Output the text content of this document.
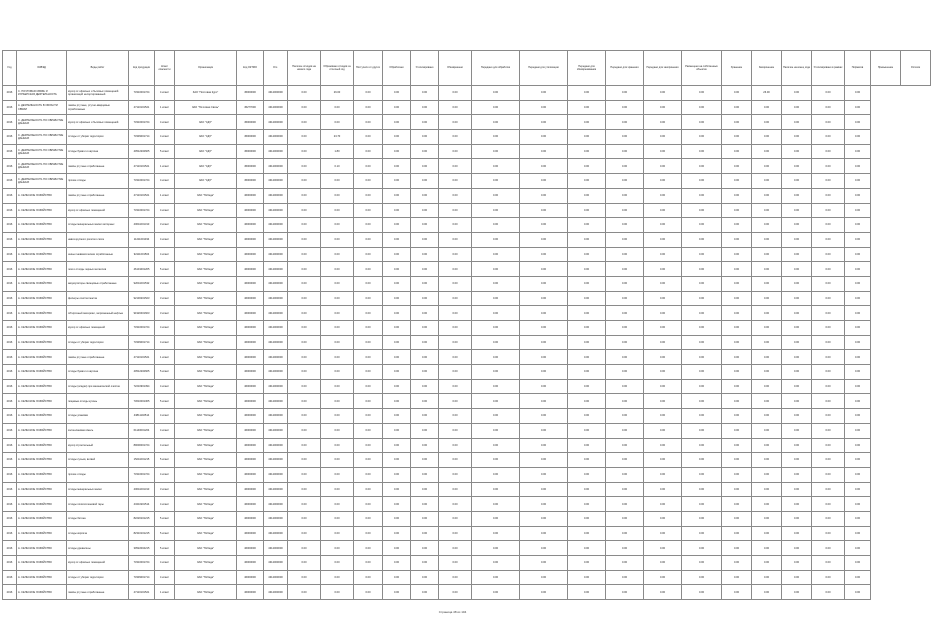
Год	ОКВЭД	Виды работ	Код продукции	Класс опасности	Организация	Код ОКТМО	Отх.	Наличие отходов на начало года	Образовано отходов за отчетный год	Поступило от других	Обработано	Утилизировано	Обезврежено	Передано для обработки	Передано для утилизации	Передано для обезвреживания	Передано для хранения	Передано для захоронения	Размещено на собственных объектах	Хранение	Захоронение	Наличие на конец года	Утилизировано в рамках	Норматив	Превышение	Остаток
2016	С. ПОЧТОВАЯ СВЯЗЬ И КУРЬЕРСКАЯ ДЕЯТЕЛЬНОСТЬ	мусор от офисных и бытовых помещений организаций несортированный	73310001724	4 класс	ЗАО "Почтовая Курс"	45000000	4312000000	0.00	26.00	0.00	0.00	0.00	0.00	0.00	0.00	0.00	0.00	0.00	0.00	0.00	26.00	0.00	0.00	0.00		
2016	А. ДЕЯТЕЛЬНОСТЬ В ОБЛАСТИ СВЯЗИ	лампы ртутные, ртутно-кварцевые отработанные	47110101521	1 класс	ЗАО "Почтовая Связь"	45277000	4312000000	0.00	0.00	0.00	0.00	0.00	0.00	0.00	0.00	0.00	0.00	0.00	0.00	0.00	0.00	0.00	0.00	0.00		
2016	С. ДЕЯТЕЛЬНОСТЬ ПО ОБРАБОТКЕ ДАННЫХ	мусор от офисных и бытовых помещений	73310001724	4 класс	ЗАО "СДУ"	45000000	4312000000	0.00	0.00	0.00	0.00	0.00	0.00	0.00	0.00	0.00	0.00	0.00	0.00	0.00	0.00	0.00	0.00	0.00		
2016	С. ДЕЯТЕЛЬНОСТЬ ПО ОБРАБОТКЕ ДАННЫХ	отходы от уборки территории	73339001714	4 класс	ЗАО "СДУ"	45000000	4312000000	0.00	23.70	0.00	0.00	0.00	0.00	0.00	0.00	0.00	0.00	0.00	0.00	0.00	0.00	0.00	0.00	0.00		
2016	С. ДЕЯТЕЛЬНОСТЬ ПО ОБРАБОТКЕ ДАННЫХ	отходы бумаги и картона	40512202605	5 класс	ЗАО "СДУ"	45000000	4312000000	0.00	1.80	0.00	0.00	0.00	0.00	0.00	0.00	0.00	0.00	0.00	0.00	0.00	0.00	0.00	0.00	0.00		
2016	С. ДЕЯТЕЛЬНОСТЬ ПО ОБРАБОТКЕ ДАННЫХ	лампы ртутные отработанные	47110101521	1 класс	ЗАО "СДУ"	45000000	4312000000	0.00	0.10	0.00	0.00	0.00	0.00	0.00	0.00	0.00	0.00	0.00	0.00	0.00	0.00	0.00	0.00	0.00		
2016	С. ДЕЯТЕЛЬНОСТЬ ПО ОБРАБОТКЕ ДАННЫХ	прочие отходы	73310001724	4 класс	ЗАО "СДУ"	45000000	4312000000	0.00	0.00	0.00	0.00	0.00	0.00	0.00	0.00	0.00	0.00	0.00	0.00	0.00	0.00	0.00	0.00	0.00		
2016	А. СЕЛЬСКОЕ ХОЗЯЙСТВО	лампы ртутные отработанные	47110101521	1 класс	ЗАО "Победа"	46000000	4312000000	0.00	0.00	0.00	0.00	0.00	0.00	0.00	0.00	0.00	0.00	0.00	0.00	0.00	0.00	0.00	0.00	0.00		
2016	А. СЕЛЬСКОЕ ХОЗЯЙСТВО	мусор от офисных помещений	73310001724	4 класс	ЗАО "Победа"	46000000	4312000000	0.00	0.00	0.00	0.00	0.00	0.00	0.00	0.00	0.00	0.00	0.00	0.00	0.00	0.00	0.00	0.00	0.00		
2016	А. СЕЛЬСКОЕ ХОЗЯЙСТВО	отходы минеральных масел моторных	40611001313	3 класс	ЗАО "Победа"	46000000	4312000000	0.00	0.00	0.00	0.00	0.00	0.00	0.00	0.00	0.00	0.00	0.00	0.00	0.00	0.00	0.00	0.00	0.00		
2016	А. СЕЛЬСКОЕ ХОЗЯЙСТВО	навоз крупного рогатого скота	11211001334	4 класс	ЗАО "Победа"	46000000	4312000000	0.00	0.00	0.00	0.00	0.00	0.00	0.00	0.00	0.00	0.00	0.00	0.00	0.00	0.00	0.00	0.00	0.00		
2016	А. СЕЛЬСКОЕ ХОЗЯЙСТВО	шины пневматические отработанные	92111001504	4 класс	ЗАО "Победа"	46000000	4312000000	0.00	0.00	0.00	0.00	0.00	0.00	0.00	0.00	0.00	0.00	0.00	0.00	0.00	0.00	0.00	0.00	0.00		
2016	А. СЕЛЬСКОЕ ХОЗЯЙСТВО	лом и отходы черных металлов	46101001205	5 класс	ЗАО "Победа"	46000000	4312000000	0.00	0.00	0.00	0.00	0.00	0.00	0.00	0.00	0.00	0.00	0.00	0.00	0.00	0.00	0.00	0.00	0.00		
2016	А. СЕЛЬСКОЕ ХОЗЯЙСТВО	аккумуляторы свинцовые отработанные	92011001532	2 класс	ЗАО "Победа"	46000000	4312000000	0.00	0.00	0.00	0.00	0.00	0.00	0.00	0.00	0.00	0.00	0.00	0.00	0.00	0.00	0.00	0.00	0.00		
2016	А. СЕЛЬСКОЕ ХОЗЯЙСТВО	фильтры очистки масла	92130201523	3 класс	ЗАО "Победа"	46000000	4312000000	0.00	0.00	0.00	0.00	0.00	0.00	0.00	0.00	0.00	0.00	0.00	0.00	0.00	0.00	0.00	0.00	0.00		
2016	А. СЕЛЬСКОЕ ХОЗЯЙСТВО	обтирочный материал, загрязненный нефтью	91920401603	3 класс	ЗАО "Победа"	46000000	4312000000	0.00	0.00	0.00	0.00	0.00	0.00	0.00	0.00	0.00	0.00	0.00	0.00	0.00	0.00	0.00	0.00	0.00		
2016	А. СЕЛЬСКОЕ ХОЗЯЙСТВО	мусор от офисных помещений	73310001724	4 класс	ЗАО "Победа"	46000000	4312000000	0.00	0.00	0.00	0.00	0.00	0.00	0.00	0.00	0.00	0.00	0.00	0.00	0.00	0.00	0.00	0.00	0.00		
2016	А. СЕЛЬСКОЕ ХОЗЯЙСТВО	отходы от уборки территории	73339001714	4 класс	ЗАО "Победа"	46000000	4312000000	0.00	0.00	0.00	0.00	0.00	0.00	0.00	0.00	0.00	0.00	0.00	0.00	0.00	0.00	0.00	0.00	0.00		
2016	А. СЕЛЬСКОЕ ХОЗЯЙСТВО	лампы ртутные отработанные	47110101521	1 класс	ЗАО "Победа"	46000000	4312000000	0.00	0.00	0.00	0.00	0.00	0.00	0.00	0.00	0.00	0.00	0.00	0.00	0.00	0.00	0.00	0.00	0.00		
2016	А. СЕЛЬСКОЕ ХОЗЯЙСТВО	отходы бумаги и картона	40512202605	5 класс	ЗАО "Победа"	46000000	4312000000	0.00	0.00	0.00	0.00	0.00	0.00	0.00	0.00	0.00	0.00	0.00	0.00	0.00	0.00	0.00	0.00	0.00		
2016	А. СЕЛЬСКОЕ ХОЗЯЙСТВО	отходы (осадки) при механической очистке	72210901394	4 класс	ЗАО "Победа"	46000000	4312000000	0.00	0.00	0.00	0.00	0.00	0.00	0.00	0.00	0.00	0.00	0.00	0.00	0.00	0.00	0.00	0.00	0.00		
2016	А. СЕЛЬСКОЕ ХОЗЯЙСТВО	пищевые отходы кухонь	73610001305	5 класс	ЗАО "Победа"	46000000	4312000000	0.00	0.00	0.00	0.00	0.00	0.00	0.00	0.00	0.00	0.00	0.00	0.00	0.00	0.00	0.00	0.00	0.00		
2016	А. СЕЛЬСКОЕ ХОЗЯЙСТВО	отходы упаковки	43811102514	4 класс	ЗАО "Победа"	46000000	4312000000	0.00	0.00	0.00	0.00	0.00	0.00	0.00	0.00	0.00	0.00	0.00	0.00	0.00	0.00	0.00	0.00	0.00		
2016	А. СЕЛЬСКОЕ ХОЗЯЙСТВО	золошлаковая смесь	61140001204	4 класс	ЗАО "Победа"	46000000	4312000000	0.00	0.00	0.00	0.00	0.00	0.00	0.00	0.00	0.00	0.00	0.00	0.00	0.00	0.00	0.00	0.00	0.00		
2016	А. СЕЛЬСКОЕ ХОЗЯЙСТВО	мусор строительный	89000001724	4 класс	ЗАО "Победа"	46000000	4312000000	0.00	0.00	0.00	0.00	0.00	0.00	0.00	0.00	0.00	0.00	0.00	0.00	0.00	0.00	0.00	0.00	0.00		
2016	А. СЕЛЬСКОЕ ХОЗЯЙСТВО	отходы сучьев, ветвей	15211001215	5 класс	ЗАО "Победа"	46000000	4312000000	0.00	0.00	0.00	0.00	0.00	0.00	0.00	0.00	0.00	0.00	0.00	0.00	0.00	0.00	0.00	0.00	0.00		
2016	А. СЕЛЬСКОЕ ХОЗЯЙСТВО	прочие отходы	73310001724	4 класс	ЗАО "Победа"	46000000	4312000000	0.00	0.00	0.00	0.00	0.00	0.00	0.00	0.00	0.00	0.00	0.00	0.00	0.00	0.00	0.00	0.00	0.00		
2016	А. СЕЛЬСКОЕ ХОЗЯЙСТВО	отходы минеральных масел	40611001313	3 класс	ЗАО "Победа"	46000000	4312000000	0.00	0.00	0.00	0.00	0.00	0.00	0.00	0.00	0.00	0.00	0.00	0.00	0.00	0.00	0.00	0.00	0.00		
2016	А. СЕЛЬСКОЕ ХОЗЯЙСТВО	отходы полиэтиленовой тары	43411901514	4 класс	ЗАО "Победа"	46000000	4312000000	0.00	0.00	0.00	0.00	0.00	0.00	0.00	0.00	0.00	0.00	0.00	0.00	0.00	0.00	0.00	0.00	0.00		
2016	А. СЕЛЬСКОЕ ХОЗЯЙСТВО	отходы бетона	82220101215	5 класс	ЗАО "Победа"	46000000	4312000000	0.00	0.00	0.00	0.00	0.00	0.00	0.00	0.00	0.00	0.00	0.00	0.00	0.00	0.00	0.00	0.00	0.00		
2016	А. СЕЛЬСКОЕ ХОЗЯЙСТВО	отходы кирпича	82310101215	5 класс	ЗАО "Победа"	46000000	4312000000	0.00	0.00	0.00	0.00	0.00	0.00	0.00	0.00	0.00	0.00	0.00	0.00	0.00	0.00	0.00	0.00	0.00		
2016	А. СЕЛЬСКОЕ ХОЗЯЙСТВО	отходы древесины	30522004215	5 класс	ЗАО "Победа"	46000000	4312000000	0.00	0.00	0.00	0.00	0.00	0.00	0.00	0.00	0.00	0.00	0.00	0.00	0.00	0.00	0.00	0.00	0.00		
2016	А. СЕЛЬСКОЕ ХОЗЯЙСТВО	мусор от офисных помещений	73310001724	4 класс	ЗАО "Победа"	46000000	4312000000	0.00	0.00	0.00	0.00	0.00	0.00	0.00	0.00	0.00	0.00	0.00	0.00	0.00	0.00	0.00	0.00	0.00		
2016	А. СЕЛЬСКОЕ ХОЗЯЙСТВО	отходы от уборки территории	73339001714	4 класс	ЗАО "Победа"	46000000	4312000000	0.00	0.00	0.00	0.00	0.00	0.00	0.00	0.00	0.00	0.00	0.00	0.00	0.00	0.00	0.00	0.00	0.00		
2016	А. СЕЛЬСКОЕ ХОЗЯЙСТВО	лампы ртутные отработанные	47110101521	1 класс	ЗАО "Победа"	46000000	4312000000	0.00	0.00	0.00	0.00	0.00	0.00	0.00	0.00	0.00	0.00	0.00	0.00	0.00	0.00	0.00	0.00	0.00		
Страница 48 из 104
